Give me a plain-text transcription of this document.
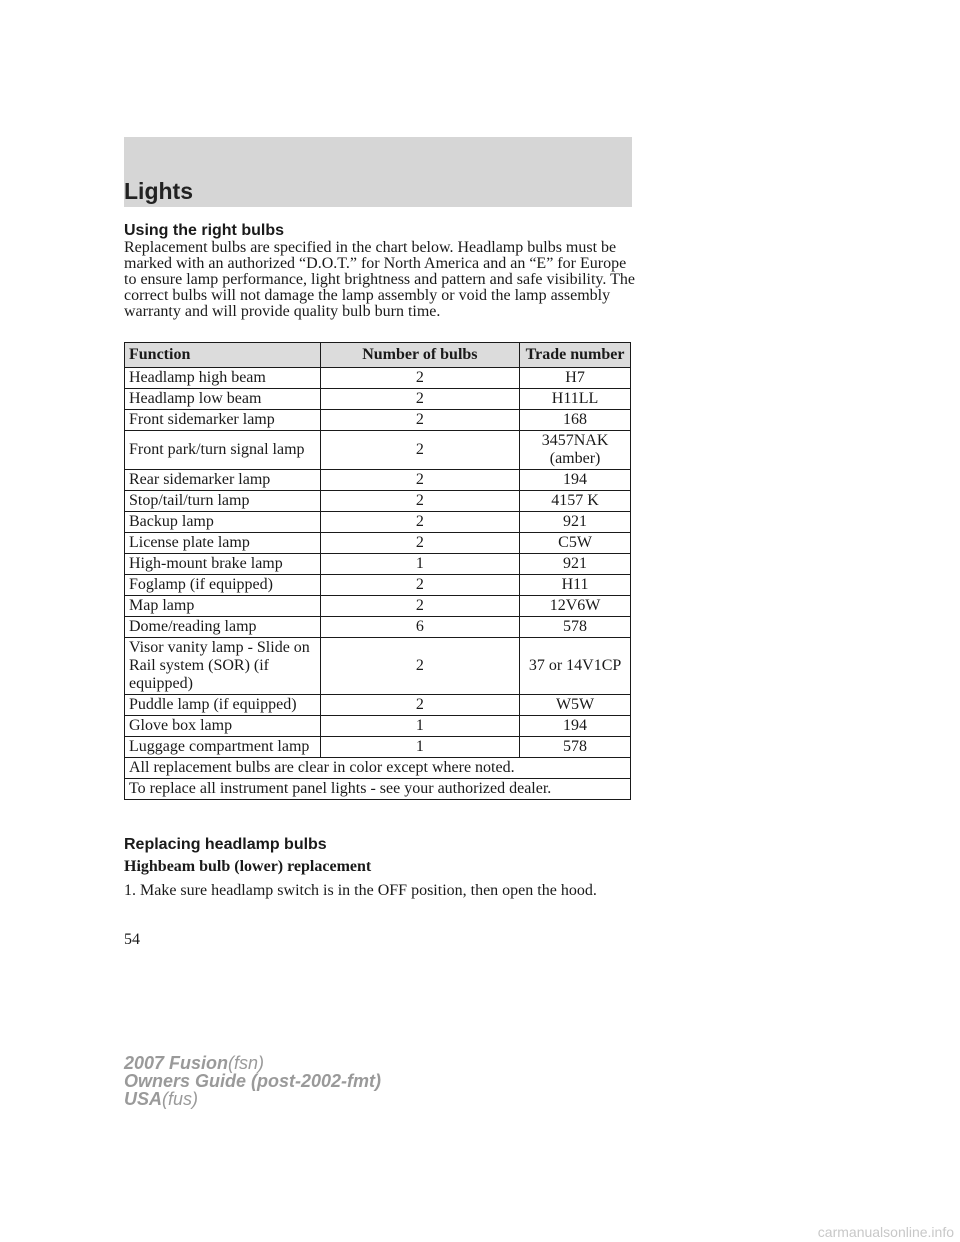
Lights
Using the right bulbs

Replacement bulbs are specified in the chart below. Headlamp bulbs must be marked with an authorized “D.O.T.” for North America and an “E” for Europe to ensure lamp performance, light brightness and pattern and safe visibility. The correct bulbs will not damage the lamp assembly or void the lamp assembly warranty and will provide quality bulb burn time.

Function	Number of bulbs	Trade number
Headlamp high beam	2	H7
Headlamp low beam	2	H11LL
Front sidemarker lamp	2	168
Front park/turn signal lamp	2	3457NAK (amber)
Rear sidemarker lamp	2	194
Stop/tail/turn lamp	2	4157 K
Backup lamp	2	921
License plate lamp	2	C5W
High-mount brake lamp	1	921
Foglamp (if equipped)	2	H11
Map lamp	2	12V6W
Dome/reading lamp	6	578
Visor vanity lamp - Slide on Rail system (SOR) (if equipped)	2	37 or 14V1CP
Puddle lamp (if equipped)	2	W5W
Glove box lamp	1	194
Luggage compartment lamp	1	578
All replacement bulbs are clear in color except where noted.		
To replace all instrument panel lights - see your authorized dealer.		
Replacing headlamp bulbs
Highbeam bulb (lower) replacement

1. Make sure headlamp switch is in the OFF position, then open the hood.

54
2007 Fusion(fsn)
Owners Guide (post-2002-fmt)
USA(fus)
carmanualsonline.info
